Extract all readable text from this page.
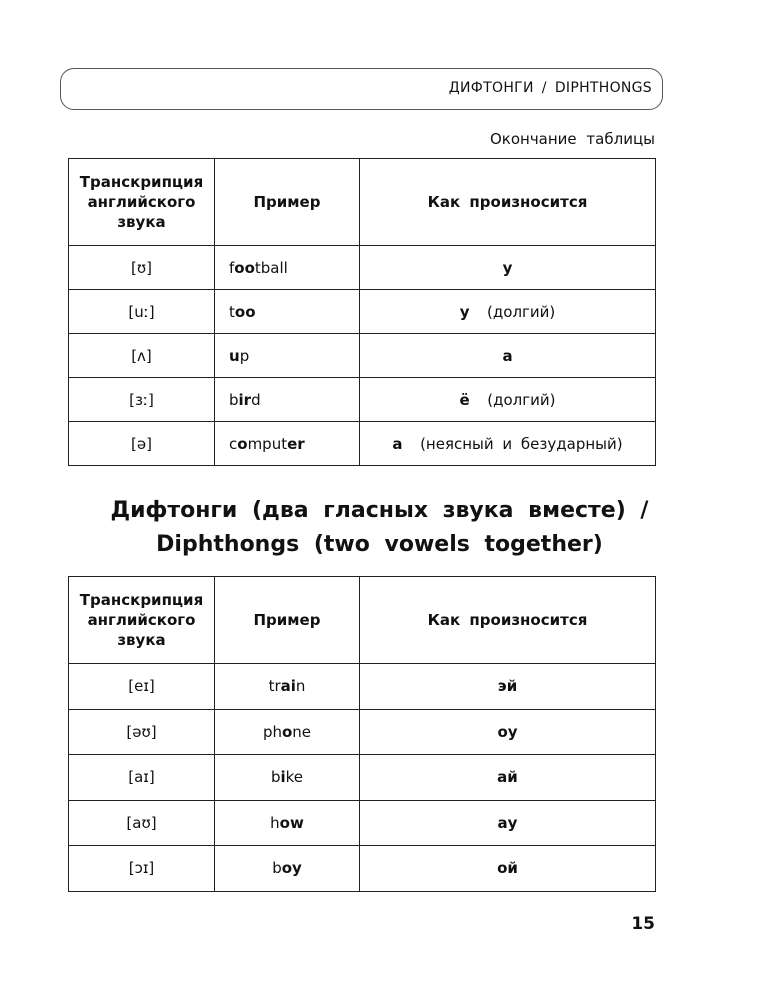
ДИФТОНГИ / DIPHTHONGS
Окончание таблицы
Транскрипция английского звука	Пример	Как произносится
[ʊ]	football	у
[uː]	too	у (долгий)
[ʌ]	up	а
[ɜː]	bird	ё (долгий)
[ə]	computer	а (неясный и безударный)
Дифтонги (два гласных звука вместе) /
Diphthongs (two vowels together)
Транскрипция английского звука	Пример	Как произносится
[eɪ]	train	эй
[əʊ]	phone	оу
[aɪ]	bike	ай
[aʊ]	how	ау
[ɔɪ]	boy	ой
15
